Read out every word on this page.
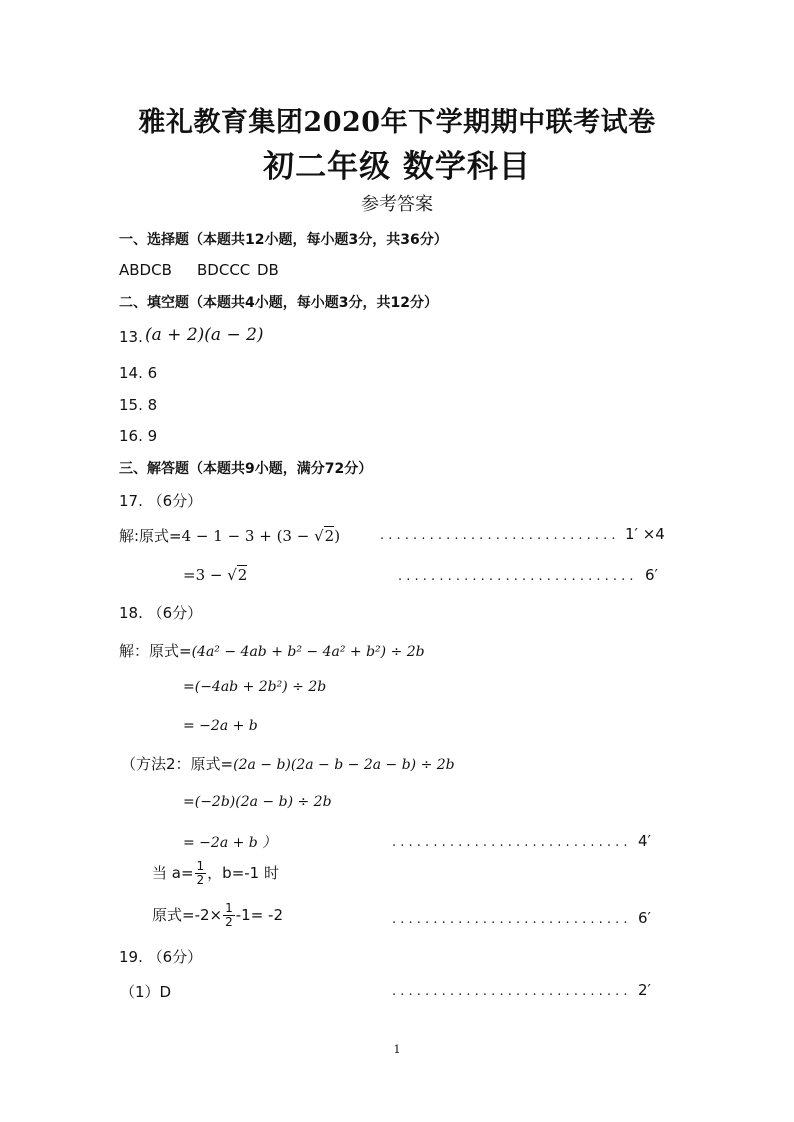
雅礼教育集团2020年下学期期中联考试卷
初二年级 数学科目
参考答案
一、选择题（本题共12小题，每小题3分，共36分）
ABDCB BDCCC DB
二、填空题（本题共4小题，每小题3分，共12分）
13. (a + 2)(a − 2)
14. 6
15. 8
16. 9
三、解答题（本题共9小题，满分72分）
17. （6分）
解:原式=4 − 1 − 3 + (3 − √2)	. . . . . . . . . . . . . . . . . . . . . . . . . . . . . 1′ ×4
=3 − √2	. . . . . . . . . . . . . . . . . . . . . . . . . . . . . 6′
18. （6分）
解：原式=(4a² − 4ab + b² − 4a² + b²) ÷ 2b
=(−4ab + 2b²) ÷ 2b
= −2a + b
（方法2：原式=(2a − b)(2a − b − 2a − b) ÷ 2b
=(−2b)(2a − b) ÷ 2b
= −2a + b ）	. . . . . . . . . . . . . . . . . . . . . . . . . . . . . 4′
当 $a= \frac{1}{2}$ ，b=-1 时
原式$=-2\times \frac{1}{2} -1= -2$	. . . . . . . . . . . . . . . . . . . . . . . . . . . . . 6′
19. （6分）
（1）D	. . . . . . . . . . . . . . . . . . . . . . . . . . . . . 2′
1
